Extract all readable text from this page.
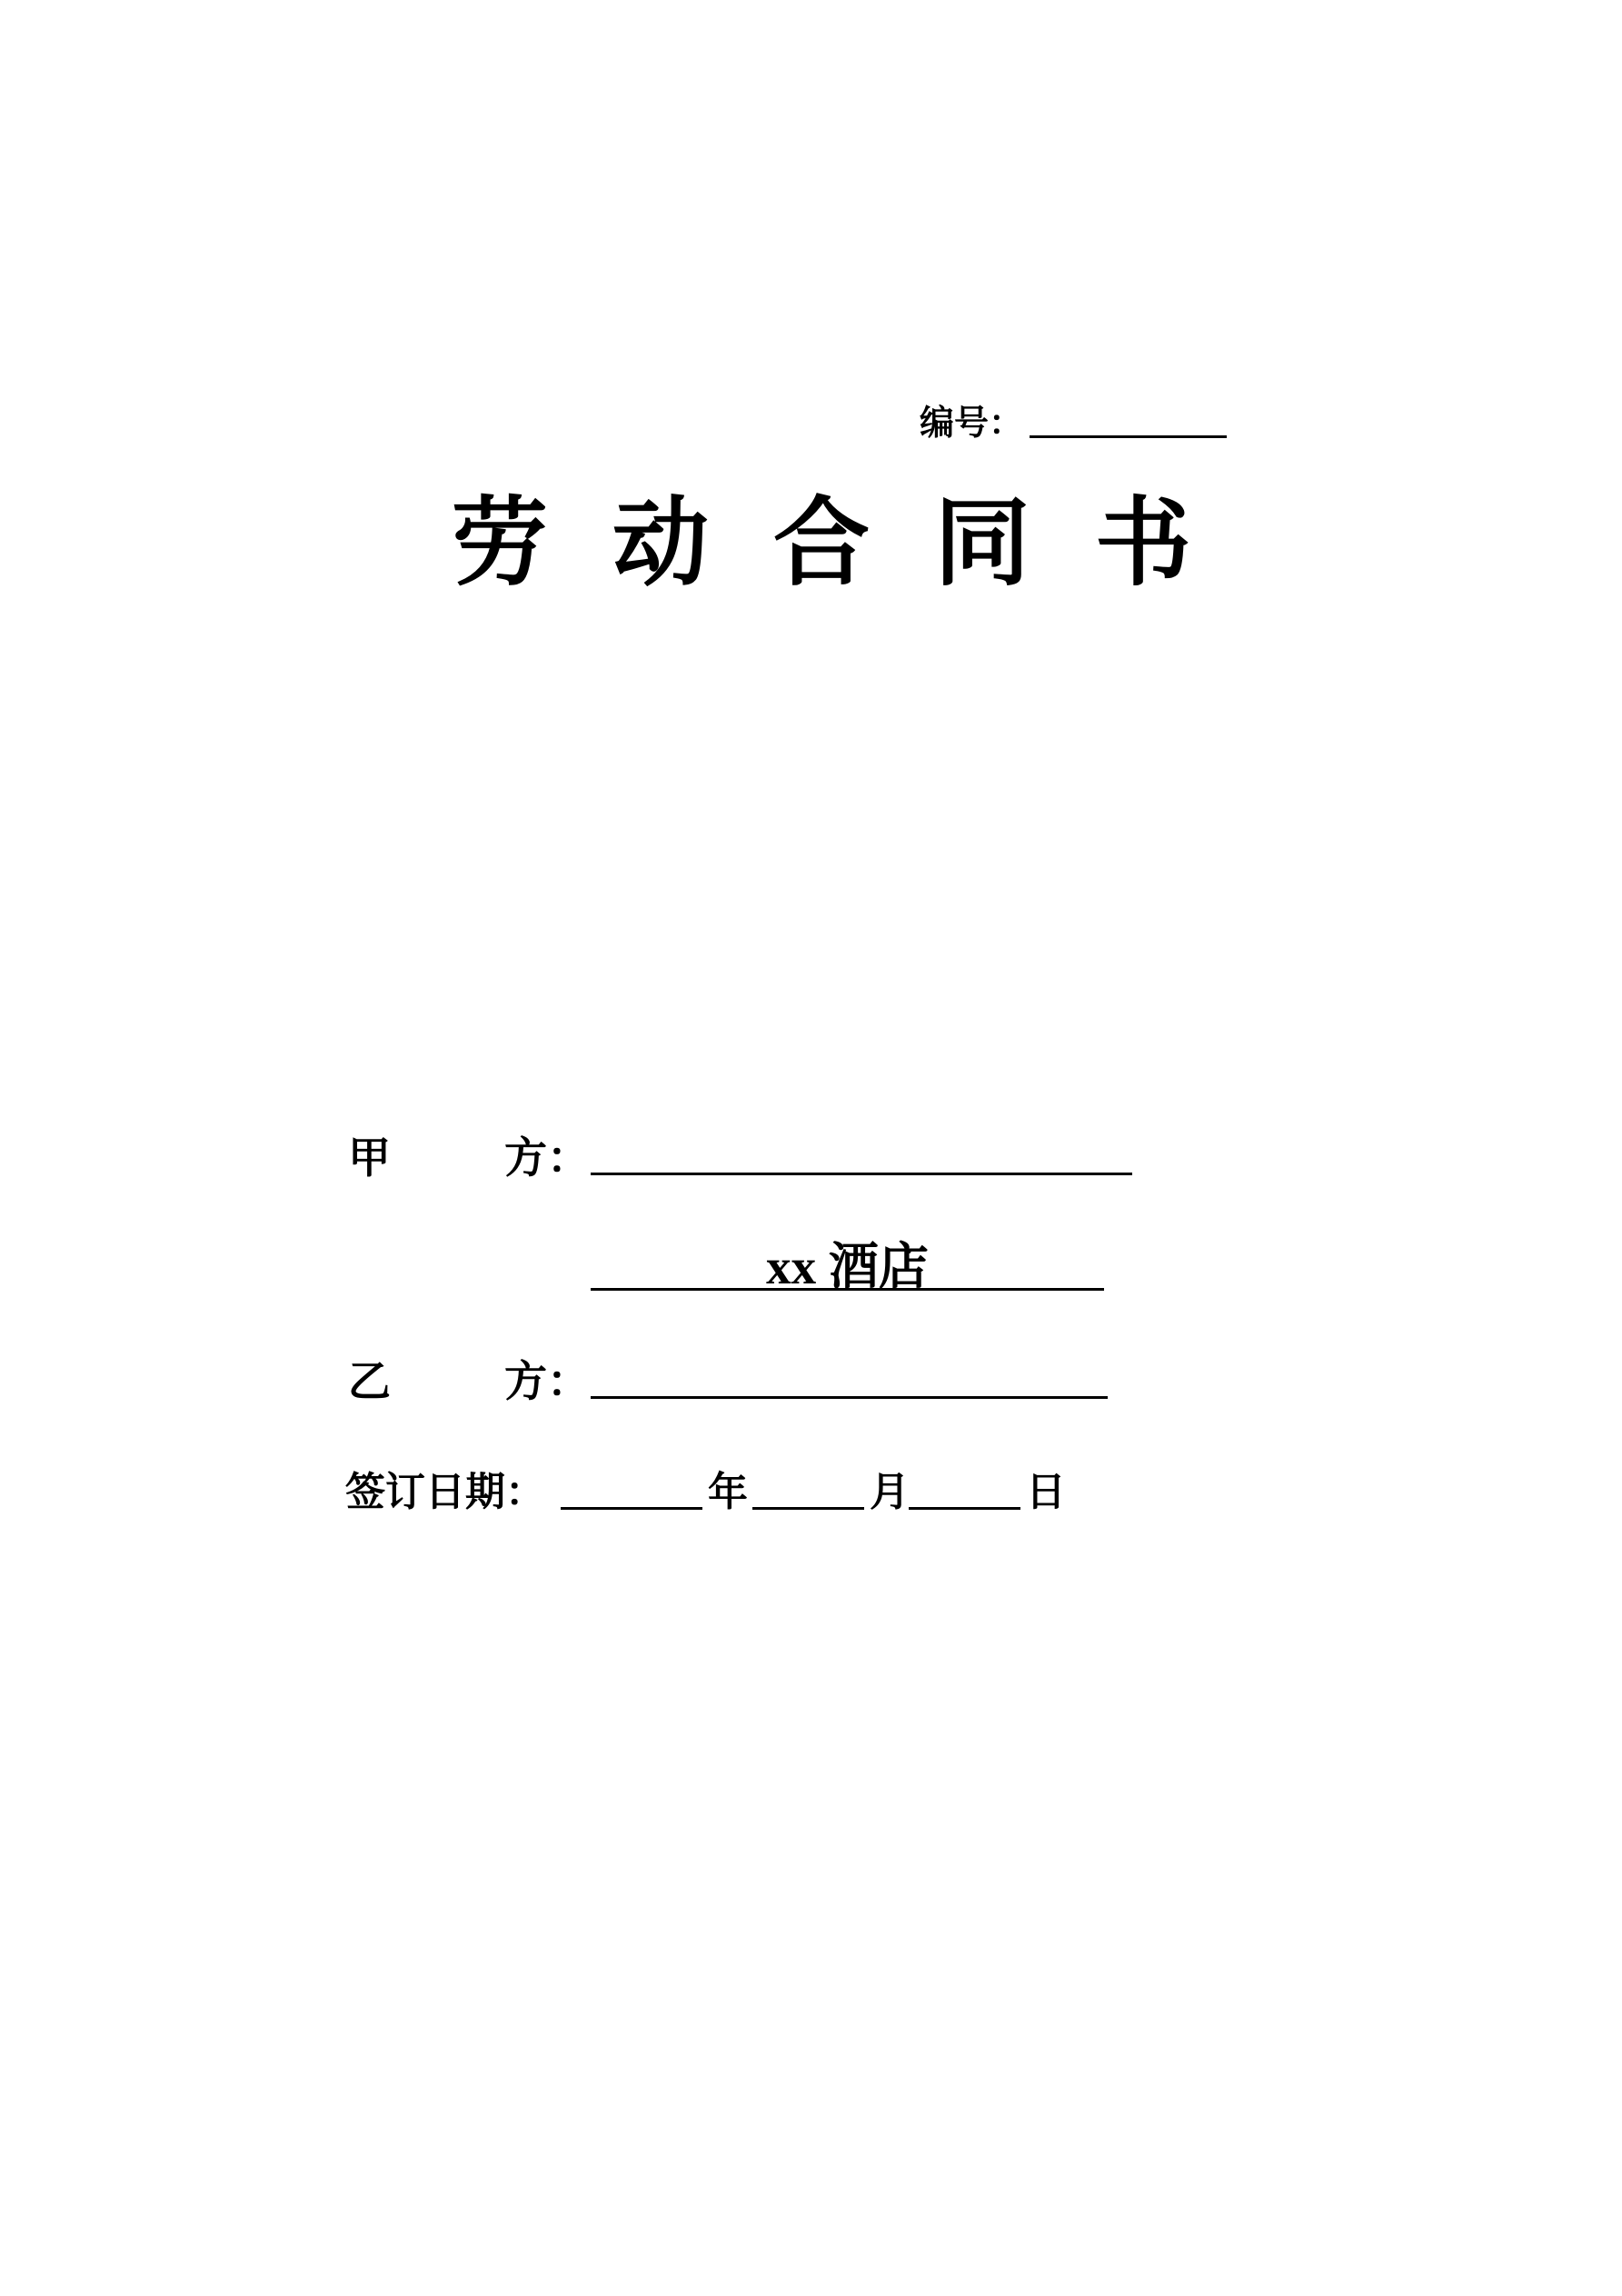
编号：
劳动合同书
甲	方：
xx 酒店
乙	方：
签订日期：	年	月	日
